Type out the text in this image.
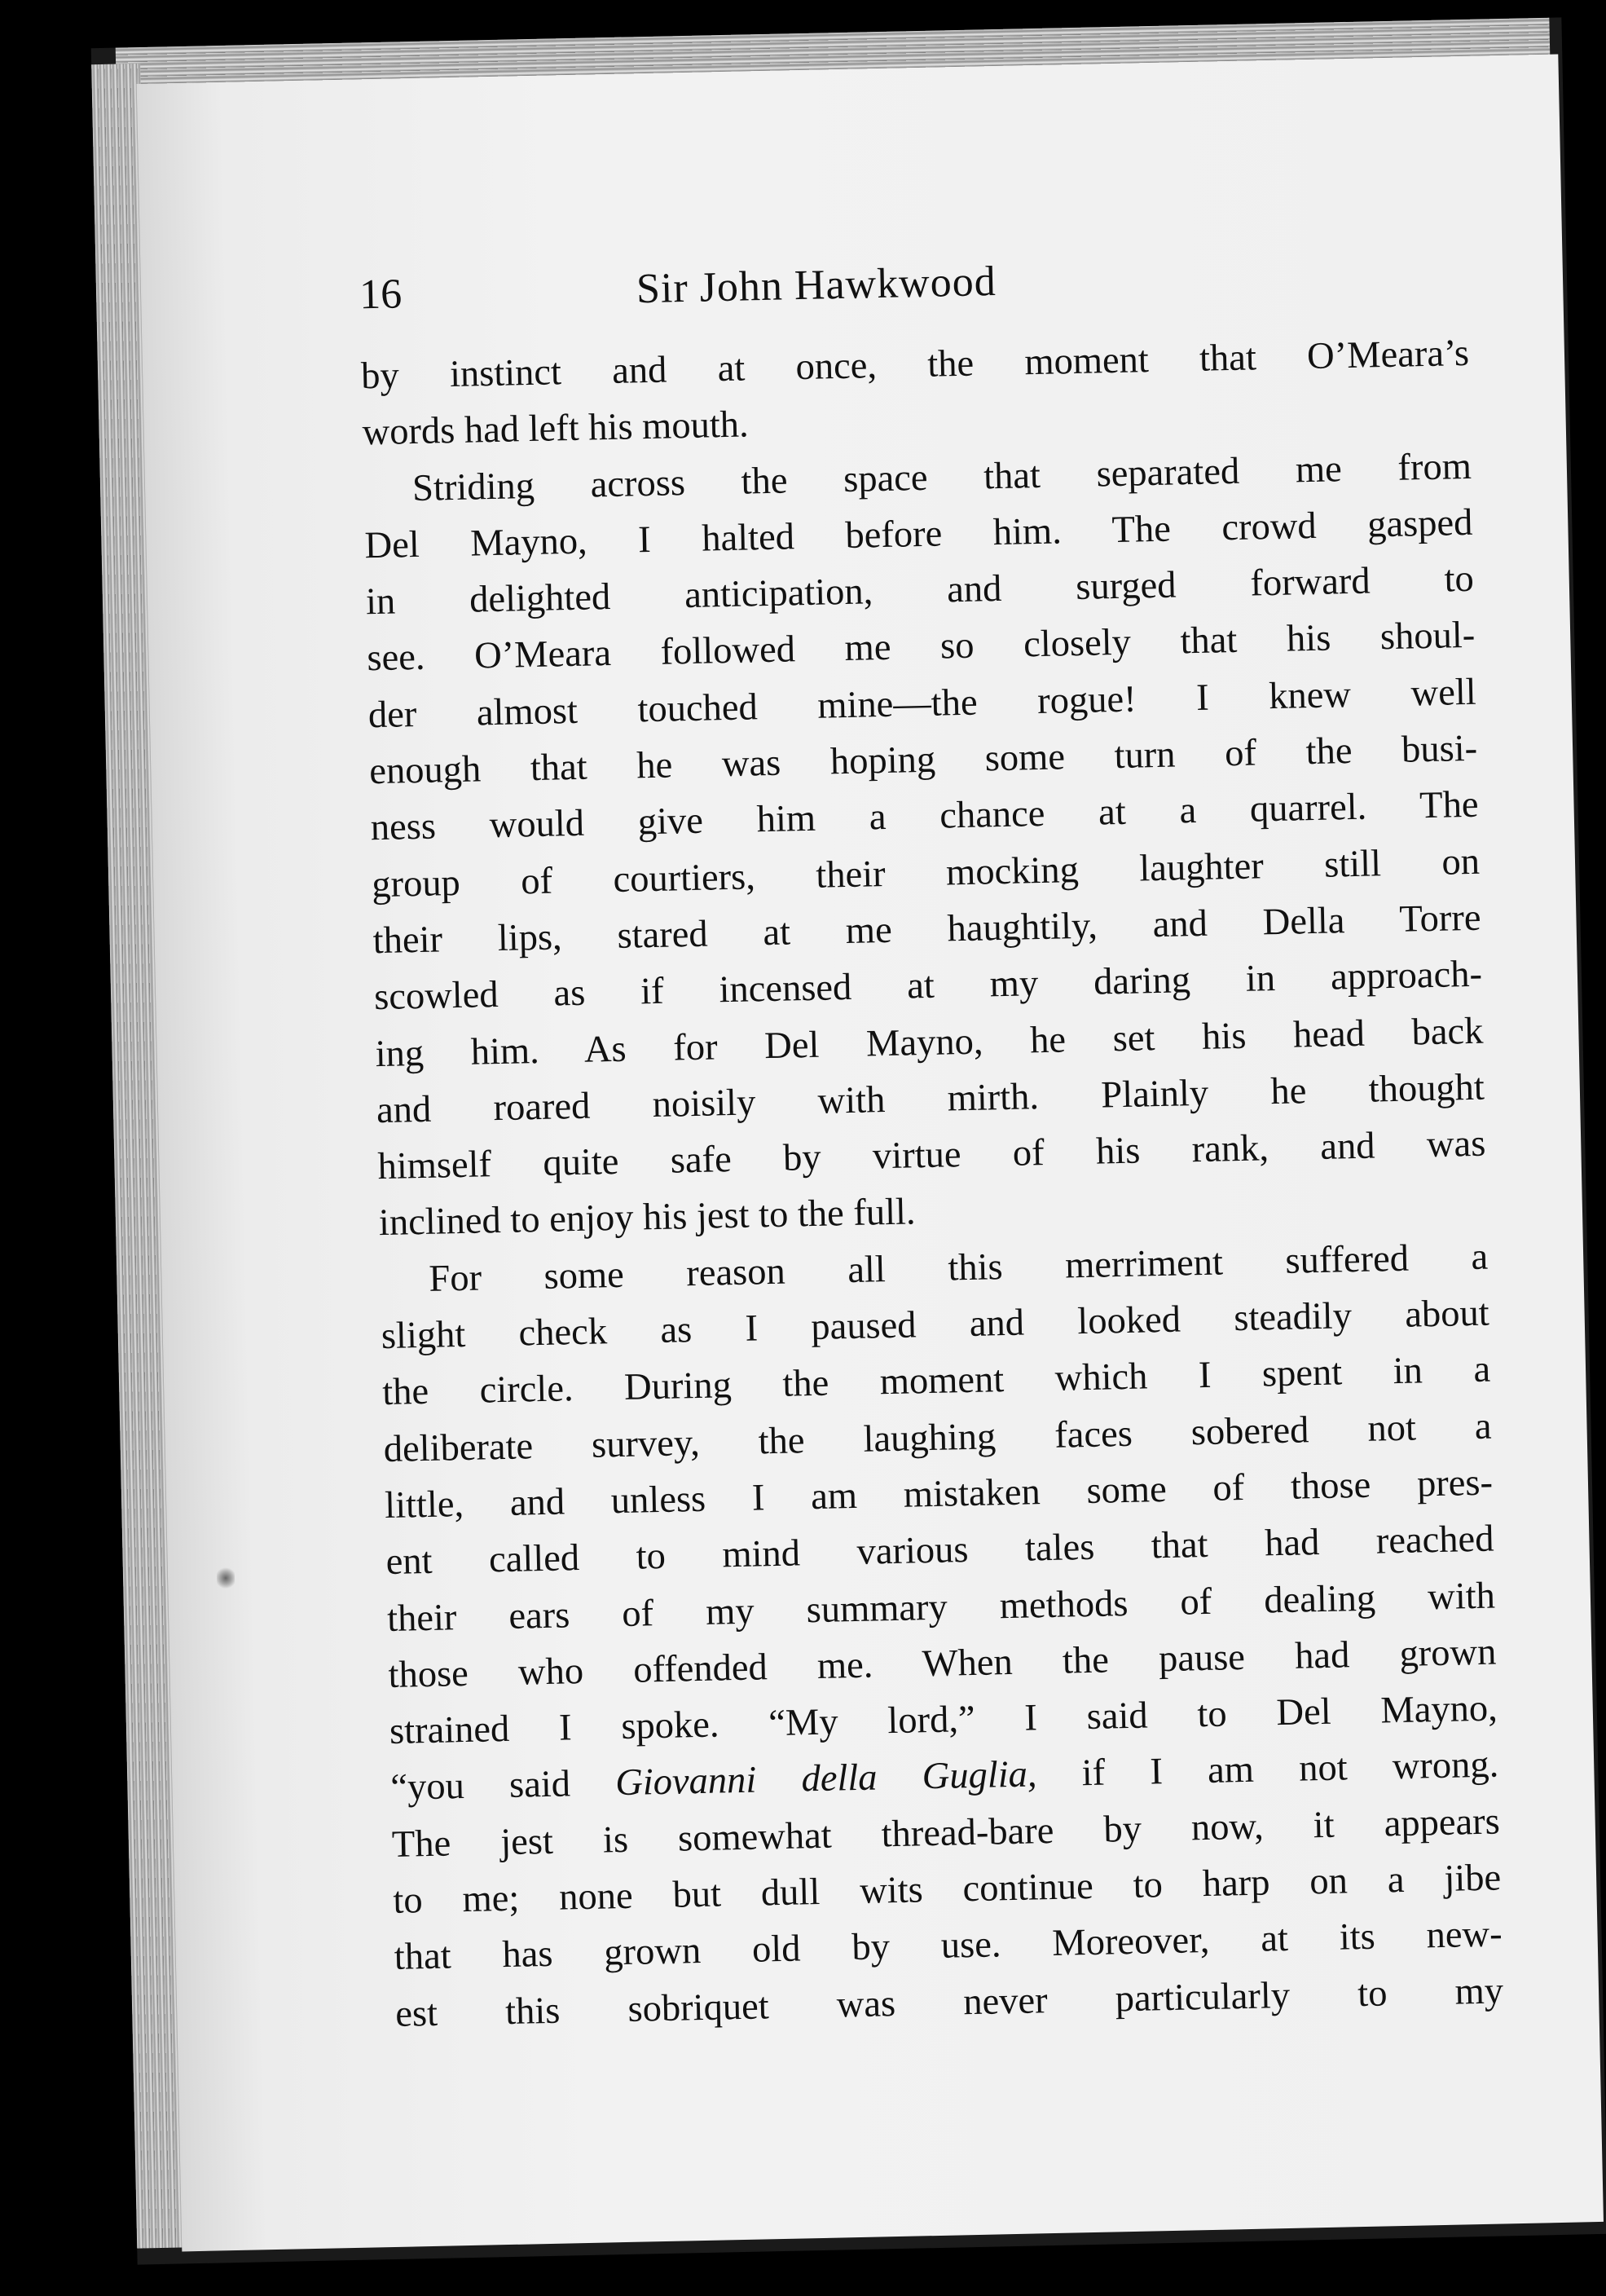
16	Sir John Hawkwood
by instinct and at once, the moment that O’Meara’s
words had left his mouth.
Striding across the space that separated me from
Del Mayno, I halted before him. The crowd gasped
in delighted anticipation, and surged forward to
see. O’Meara followed me so closely that his shoul-
der almost touched mine—the rogue! I knew well
enough that he was hoping some turn of the busi-
ness would give him a chance at a quarrel. The
group of courtiers, their mocking laughter still on
their lips, stared at me haughtily, and Della Torre
scowled as if incensed at my daring in approach-
ing him. As for Del Mayno, he set his head back
and roared noisily with mirth. Plainly he thought
himself quite safe by virtue of his rank, and was
inclined to enjoy his jest to the full.
For some reason all this merriment suffered a
slight check as I paused and looked steadily about
the circle. During the moment which I spent in a
deliberate survey, the laughing faces sobered not a
little, and unless I am mistaken some of those pres-
ent called to mind various tales that had reached
their ears of my summary methods of dealing with
those who offended me. When the pause had grown
strained I spoke. “My lord,” I said to Del Mayno,
“you said Giovanni della Guglia, if I am not wrong.
The jest is somewhat thread-bare by now, it appears
to me; none but dull wits continue to harp on a jibe
that has grown old by use. Moreover, at its new-
est this sobriquet was never particularly to my
